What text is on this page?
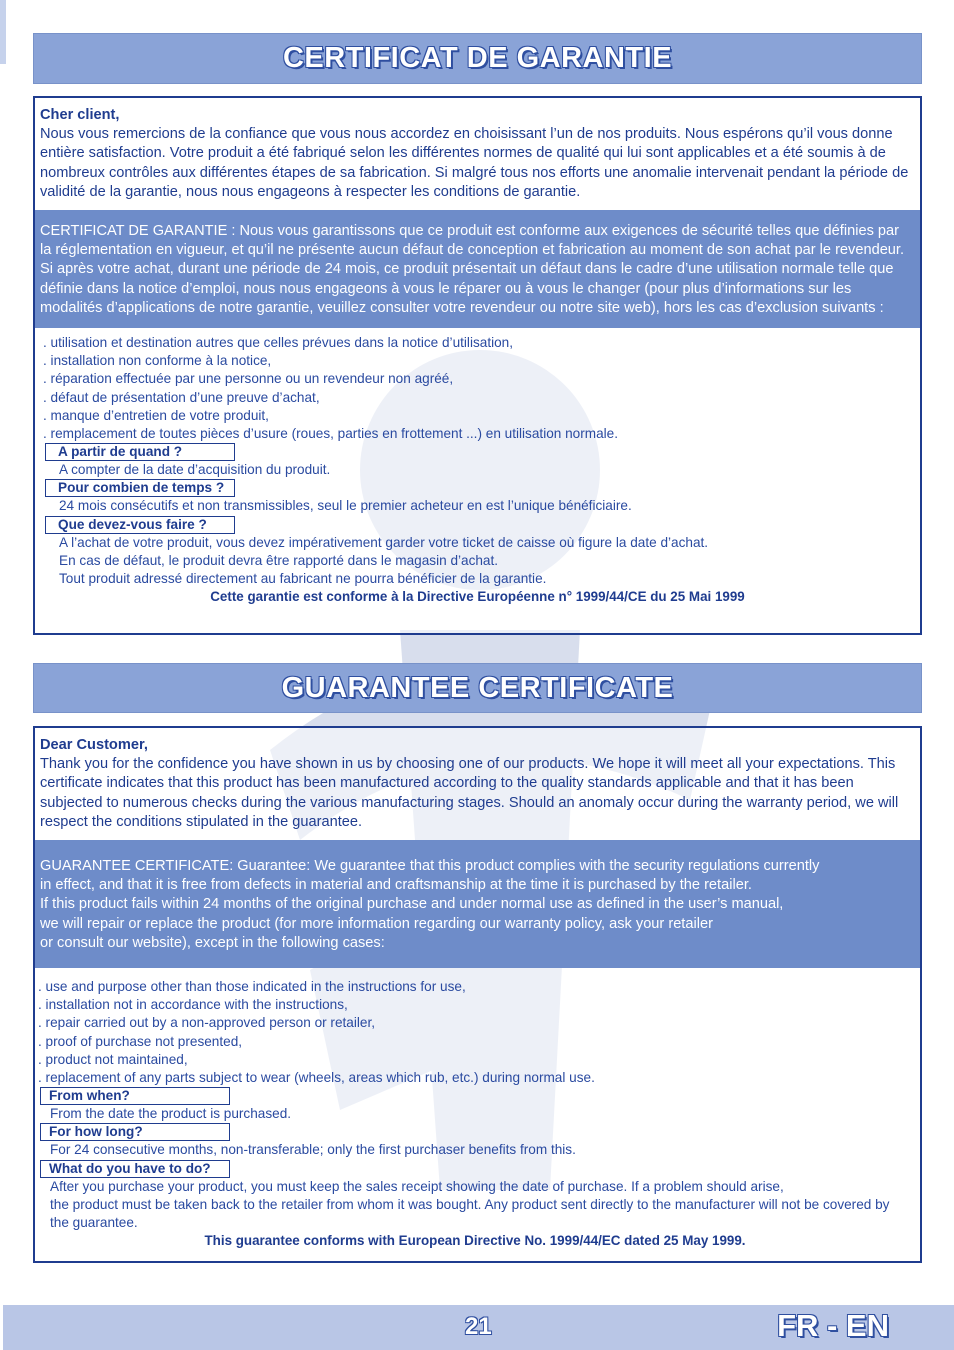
CERTIFICAT DE GARANTIE
Cher client,
Nous vous remercions de la confiance que vous nous accordez en choisissant l’un de nos produits. Nous espérons qu’il vous donne entière satisfaction. Votre produit a été fabriqué selon les différentes normes de qualité qui lui sont applicables et a été soumis à de nombreux contrôles aux différentes étapes de sa fabrication. Si malgré tous nos efforts une anomalie intervenait pendant la période de validité de la garantie, nous nous engageons à respecter les conditions de garantie.
CERTIFICAT DE GARANTIE : Nous vous garantissons que ce produit est conforme aux exigences de sécurité telles que définies par la réglementation en vigueur, et qu’il ne présente aucun défaut de conception et fabrication au moment de son achat par le revendeur. Si après votre achat, durant une période de 24 mois, ce produit présentait un défaut dans le cadre d’une utilisation normale telle que définie dans la notice d’emploi, nous nous engageons à vous le réparer ou à vous le changer (pour plus d’informations sur les modalités d’applications de notre garantie, veuillez consulter votre revendeur ou notre site web), hors les cas d’exclusion suivants :
. utilisation et destination autres que celles prévues dans la notice d’utilisation,
. installation non conforme à la notice,
. réparation effectuée par une personne ou un revendeur non agréé,
. défaut de présentation d’une preuve d’achat,
. manque d’entretien de votre produit,
. remplacement de toutes pièces d’usure (roues, parties en frottement ...) en utilisation normale.
A partir de quand ?
A compter de la date d’acquisition du produit.
Pour combien de temps ?
24 mois consécutifs et non transmissibles, seul le premier acheteur en est l’unique bénéficiaire.
Que devez-vous faire ?
A l’achat de votre produit, vous devez impérativement garder votre ticket de caisse où figure la date d’achat.
En cas de défaut, le produit devra être rapporté dans le magasin d’achat.
Tout produit adressé directement au fabricant ne pourra bénéficier de la garantie.
Cette garantie est conforme à la Directive Européenne n° 1999/44/CE du 25 Mai 1999
GUARANTEE CERTIFICATE
Dear Customer,
Thank you for the confidence you have shown in us by choosing one of our products. We hope it will meet all your expectations. This certificate indicates that this product has been manufactured according to the quality standards applicable and that it has been subjected to numerous checks during the various manufacturing stages. Should an anomaly occur during the warranty period, we will respect the conditions stipulated in the guarantee.
GUARANTEE CERTIFICATE: Guarantee: We guarantee that this product complies with the security regulations currently
in effect, and that it is free from defects in material and craftsmanship at the time it is purchased by the retailer.
If this product fails within 24 months of the original purchase and under normal use as defined in the user’s manual,
we will repair or replace the product (for more information regarding our warranty policy, ask your retailer
or consult our website), except in the following cases:
. use and purpose other than those indicated in the instructions for use,
. installation not in accordance with the instructions,
. repair carried out by a non-approved person or retailer,
. proof of purchase not presented,
. product not maintained,
. replacement of any parts subject to wear (wheels, areas which rub, etc.) during normal use.
From when?
From the date the product is purchased.
For how long?
For 24 consecutive months, non-transferable; only the first purchaser benefits from this.
What do you have to do?
After you purchase your product, you must keep the sales receipt showing the date of purchase. If a problem should arise,
the product must be taken back to the retailer from whom it was bought. Any product sent directly to the manufacturer will not be covered by the guarantee.
This guarantee conforms with European Directive No. 1999/44/EC dated 25 May 1999.
21	FR - EN
